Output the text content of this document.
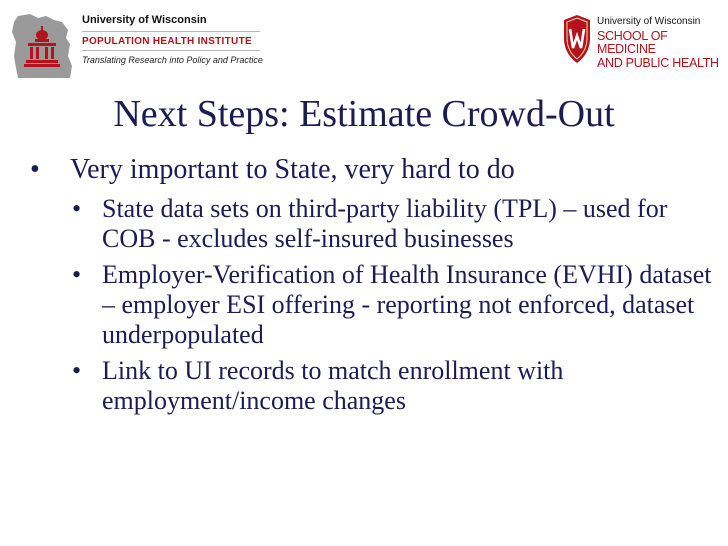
University of Wisconsin
POPULATION HEALTH INSTITUTE
Translating Research into Policy and Practice
University of Wisconsin
SCHOOL OF MEDICINE
AND PUBLIC HEALTH
Next Steps: Estimate Crowd-Out
• Very important to State, very hard to do
• State data sets on third-party liability (TPL) – used for COB - excludes self-insured businesses
• Employer-Verification of Health Insurance (EVHI) dataset – employer ESI offering - reporting not enforced, dataset underpopulated
• Link to UI records to match enrollment with employment/income changes
